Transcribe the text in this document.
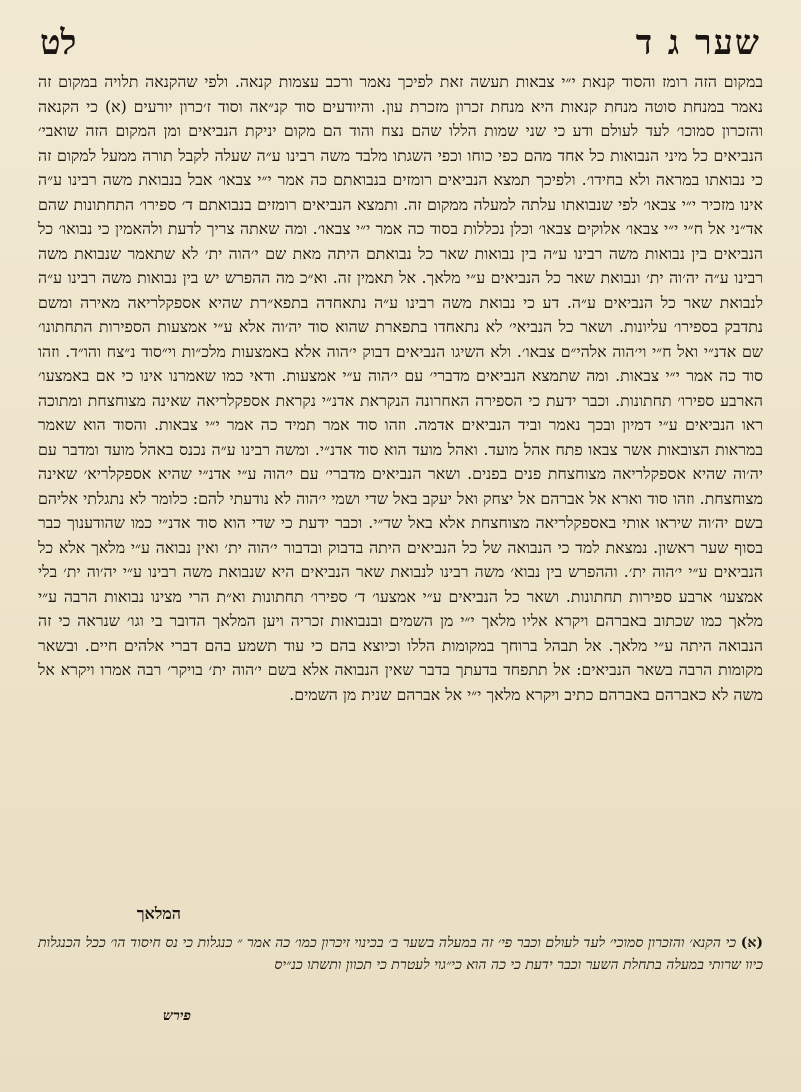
שער ג ד
לט

במקום הזה רומז והסוד קנאת י״י צבאות תעשה זאת לפיכך נאמר ורכב עצמות קנאה. ולפי שהקנאה תלויה במקום זה נאמר במנחת סוטה מנחת קנאות היא מנחת זכרון מזכרת עון. והיודעים סוד קנ״אה וסוד ז׳כרון יורעים (א) כי הקנאה והזכרון סמוכו׳ לעד לעולם ודע כי שני שמות הללו שהם נצח והוד הם מקום יניקת הנביאים ומן המקום הזה שואבי׳ הנביאים כל מיני הנבואות כל אחד מהם כפי כוחו וכפי השגתו מלבד משה רבינו ע״ה שעלה לקבל תורה ממעל למקום זה כי נבואתו במראה ולא בחידו׳. ולפיכך תמצא הנביאים רומזים בנבואתם כה אמר י״י צבאו׳ אבל בנבואת משה רבינו ע״ה אינו מזכיר י״י צבאו׳ לפי שנבואתו עלתה למעלה ממקום זה. ותמצא הנביאים רומזים בנבואתם ד׳ ספירו׳ התחתונות שהם אד״ני אל ח״י י״י צבאו׳ אלוקים צבאו׳ וכלן נכללות בסוד כה אמר י״י צבאו׳. ומה שאתה צריך לדעת ולהאמין כי נבואו׳ כל הנביאים בין נבואות משה רבינו ע״ה בין נבואות שאר כל נבואתם היתה מאת שם י׳הוה ית׳ לא שתאמר שנבואת משה רבינו ע״ה יה׳וה ית׳ ונבואת שאר כל הנביאים ע״י מלאך. אל תאמין זה. וא״כ מה ההפרש יש בין נבואות משה רבינו ע״ה לנבואת שאר כל הנביאים ע״ה. דע כי נבואת משה רבינו ע״ה נתאחדה בתפא״רת שהיא אספקלריאה מאירה ומשם נתדבק בספירו׳ עליונות. ושאר כל הנביאי׳ לא נתאחדו בתפארת שהוא סוד יה׳וה אלא ע״י אמצעות הספירות התחתונו׳ שם אדנ״י ואל ח״י וי׳הוה אלהי״ם צבאו׳. ולא השיגו הנביאים דבוק י׳הוה אלא באמצעות מלכ״ות וי״סוד נ״צח והו״ד. וזהו סוד כה אמר י״י צבאות. ומה שתמצא הנביאים מדברי׳ עם י׳הוה ע״י אמצעות. ודאי כמו שאמרנו אינו כי אם באמצעו׳ הארבע ספירו׳ תחתונות. וכבר ידעת כי הספירה האחרונה הנקראת אדנ״י נקראת אספקלריאה שאינה מצוחצחת ומתוכה ראו הנביאים ע״י דמיון ובכך נאמר וביד הנביאים אדמה. וזהו סוד אמר תמיד כה אמר י״י צבאות. והסוד הוא שאמר במראות הצובאות אשר צבאו פתח אהל מועד. ואהל מועד הוא סוד אדנ״י. ומשה רבינו ע״ה נכנס באהל מועד ומדבר עם יה׳וה שהיא אספקלריאה מצוחצחת פנים בפנים. ושאר הנביאים מדברי׳ עם י׳הוה ע״י אדנ״י שהיא אספקלריא׳ שאינה מצוחצחת. וזהו סוד וארא אל אברהם אל יצחק ואל יעקב באל שדי ושמי י׳הוה לא נודעתי להם: כלומר לא נתגלתי אליהם בשם יה׳וה שיראו אותי באספקלריאה מצוחצחת אלא באל שד״י. וכבר ידעת כי שדי הוא סוד אדנ״י כמו שהודענוך כבר בסוף שער ראשון. נמצאת למד כי הנבואה של כל הנביאים היתה בדבוק ובדבור י׳הוה ית׳ ואין נבואה ע״י מלאך אלא כל הנביאים ע״י י׳הוה ית׳. וההפרש בין נבוא׳ משה רבינו לנבואת שאר הנביאים היא שנבואת משה רבינו ע״י יה׳וה ית׳ בלי אמצעו׳ ארבע ספירות תחתונות. ושאר כל הנביאים ע״י אמצעו׳ ד׳ ספירו׳ תחתונות וא״ת הרי מצינו נבואות הרבה ע״י מלאך כמו שכתוב באברהם ויקרא אליו מלאך י״י מן השמים ובנבואות זכריה ויען המלאך הדובר בי וגו׳ שנראה כי זה הנבואה היתה ע״י מלאך. אל תבהל ברוחך במקומות הללו וכיוצא בהם כי עוד תשמע בהם דברי אלהים חיים. ובשאר מקומות הרבה בשאר הנביאים: אל תתפחד בדעתך בדבר שאין הנבואה אלא בשם י׳הוה ית׳ בויקר׳ רבה אמרו ויקרא אל משה לא כאברהם באברהם כתיב ויקרא מלאך י״י אל אברהם שנית מן השמים.

המלאך

(א) כי הקנא׳ והזכרון סמוכי׳ לעד לעולם וכבר פי׳ זה במעלה בשער ב׳ בכינוי זיכרון כמו׳ כה אמר ״ כנגלות כי נס חיסוד הו׳ ככל הכנגלות כיוו שרותי במעלה בתחלת השער וכבר ידעת כי כה הוא כי״גוי לעטרת כי תכוון ותשתו כנ״יס

פירש
